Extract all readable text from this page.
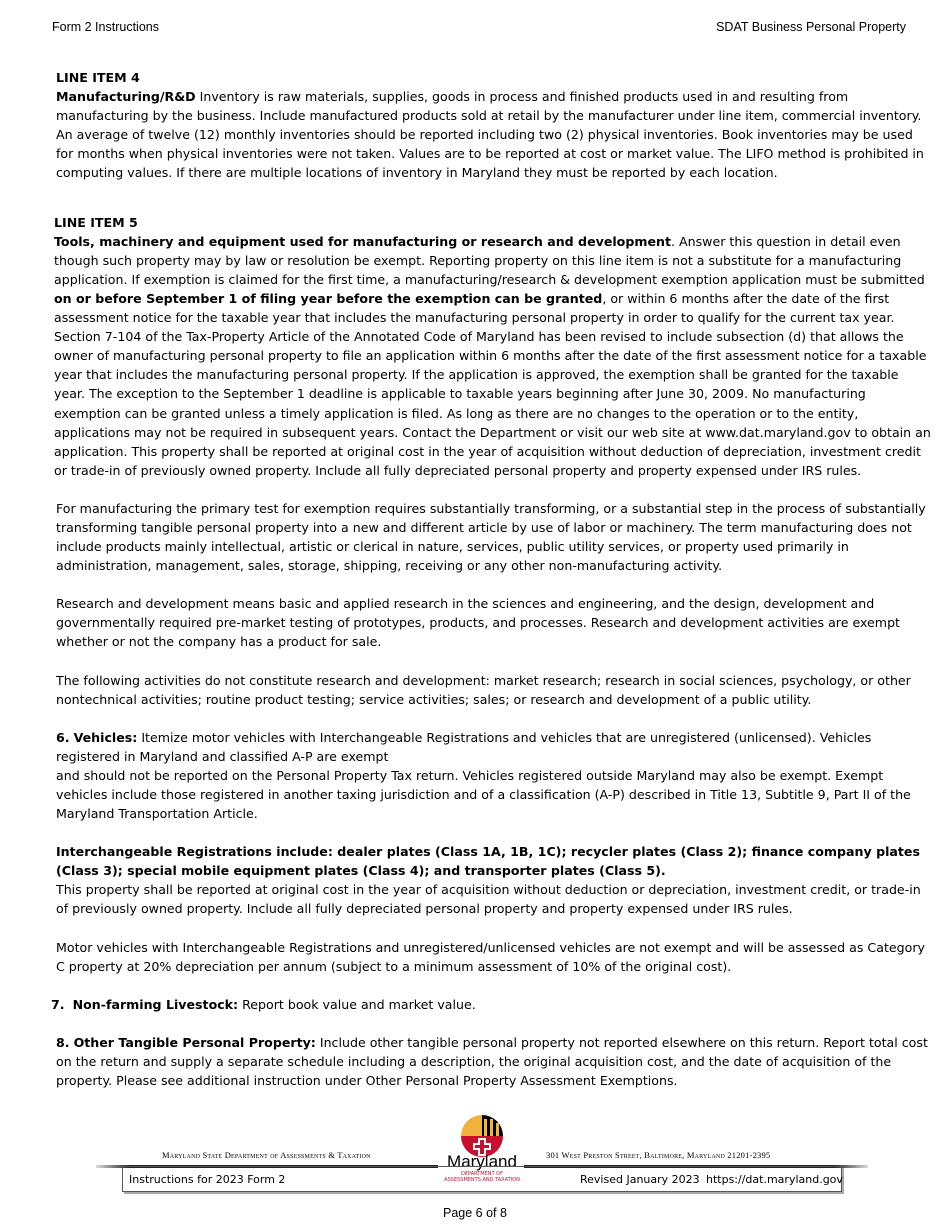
Form 2 Instructions	SDAT Business Personal Property
LINE ITEM 4

Manufacturing/R&D Inventory is raw materials, supplies, goods in process and finished products used in and resulting from manufacturing by the business. Include manufactured products sold at retail by the manufacturer under line item, commercial inventory. An average of twelve (12) monthly inventories should be reported including two (2) physical inventories. Book inventories may be used for months when physical inventories were not taken. Values are to be reported at cost or market value. The LIFO method is prohibited in computing values. If there are multiple locations of inventory in Maryland they must be reported by each location.

LINE ITEM 5

Tools, machinery and equipment used for manufacturing or research and development. Answer this question in detail even though such property may by law or resolution be exempt. Reporting property on this line item is not a substitute for a manufacturing application. If exemption is claimed for the first time, a manufacturing/research & development exemption application must be submitted on or before September 1 of filing year before the exemption can be granted, or within 6 months after the date of the first assessment notice for the taxable year that includes the manufacturing personal property in order to qualify for the current tax year. Section 7-104 of the Tax-Property Article of the Annotated Code of Maryland has been revised to include subsection (d) that allows the owner of manufacturing personal property to file an application within 6 months after the date of the first assessment notice for a taxable year that includes the manufacturing personal property. If the application is approved, the exemption shall be granted for the taxable year. The exception to the September 1 deadline is applicable to taxable years beginning after June 30, 2009. No manufacturing exemption can be granted unless a timely application is filed. As long as there are no changes to the operation or to the entity, applications may not be required in subsequent years. Contact the Department or visit our web site at www.dat.maryland.gov to obtain an application. This property shall be reported at original cost in the year of acquisition without deduction of depreciation, investment credit or trade-in of previously owned property. Include all fully depreciated personal property and property expensed under IRS rules.

For manufacturing the primary test for exemption requires substantially transforming, or a substantial step in the process of substantially transforming tangible personal property into a new and different article by use of labor or machinery. The term manufacturing does not include products mainly intellectual, artistic or clerical in nature, services, public utility services, or property used primarily in administration, management, sales, storage, shipping, receiving or any other non-manufacturing activity.

Research and development means basic and applied research in the sciences and engineering, and the design, development and governmentally required pre-market testing of prototypes, products, and processes. Research and development activities are exempt whether or not the company has a product for sale.

The following activities do not constitute research and development: market research; research in social sciences, psychology, or other nontechnical activities; routine product testing; service activities; sales; or research and development of a public utility.

6. Vehicles: Itemize motor vehicles with Interchangeable Registrations and vehicles that are unregistered (unlicensed). Vehicles registered in Maryland and classified A-P are exempt

and should not be reported on the Personal Property Tax return. Vehicles registered outside Maryland may also be exempt. Exempt vehicles include those registered in another taxing jurisdiction and of a classification (A-P) described in Title 13, Subtitle 9, Part II of the Maryland Transportation Article.

Interchangeable Registrations include: dealer plates (Class 1A, 1B, 1C); recycler plates (Class 2); finance company plates (Class 3); special mobile equipment plates (Class 4); and transporter plates (Class 5).

This property shall be reported at original cost in the year of acquisition without deduction or depreciation, investment credit, or trade-in of previously owned property. Include all fully depreciated personal property and property expensed under IRS rules.

Motor vehicles with Interchangeable Registrations and unregistered/unlicensed vehicles are not exempt and will be assessed as Category C property at 20% depreciation per annum (subject to a minimum assessment of 10% of the original cost).

7. Non-farming Livestock: Report book value and market value.

8. Other Tangible Personal Property: Include other tangible personal property not reported elsewhere on this return. Report total cost on the return and supply a separate schedule including a description, the original acquisition cost, and the date of acquisition of the property. Please see additional instruction under Other Personal Property Assessment Exemptions.

Maryland State Department of Assessments & Taxation	301 West Preston Street, Baltimore, Maryland 21201-2395
Maryland
DEPARTMENT OF
ASSESSMENTS AND TAXATION
Instructions for 2023 Form 2	Revised January 2023 https://dat.maryland.gov
Page 6 of 8
